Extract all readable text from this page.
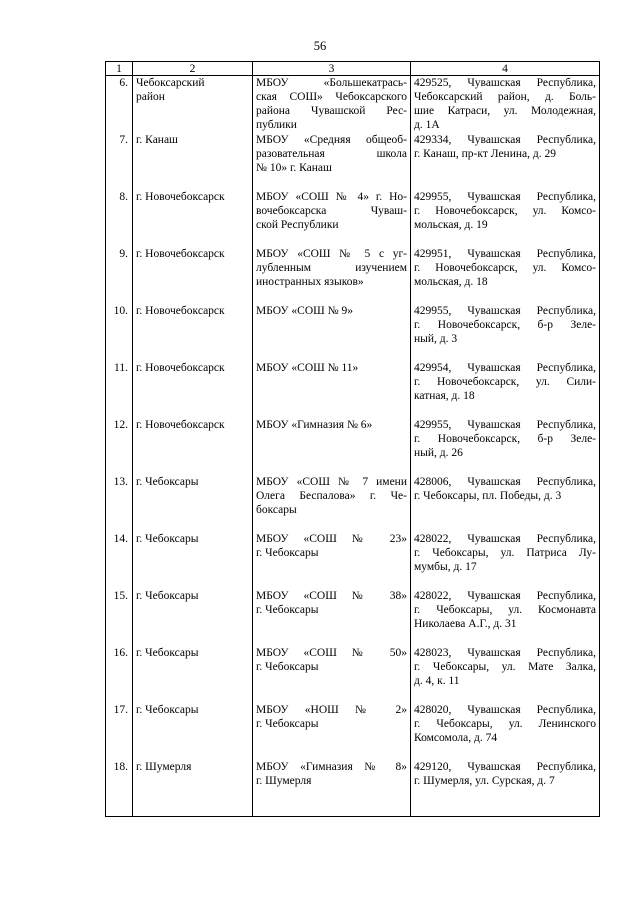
56
1	2	3	4
6.	Чебоксарский
район	МБОУ «Большекатрась-
ская СОШ» Чебоксарского
района Чувашской Рес-
публики	429525, Чувашская Республика,
Чебоксарский район, д. Боль-
шие Катраси, ул. Молодежная,
д. 1А

7.	г. Канаш	МБОУ «Средняя общеоб-
разовательная школа
№ 10» г. Канаш	429334, Чувашская Республика,
г. Канаш, пр-кт Ленина, д. 29

8.	г. Новочебоксарск	МБОУ «СОШ № 4» г. Но-
вочебоксарска Чуваш-
ской Республики	429955, Чувашская Республика,
г. Новочебоксарск, ул. Комсо-
мольская, д. 19

9.	г. Новочебоксарск	МБОУ «СОШ № 5 с уг-
лубленным изучением
иностранных языков»	429951, Чувашская Республика,
г. Новочебоксарск, ул. Комсо-
мольская, д. 18

10.	г. Новочебоксарск	МБОУ «СОШ № 9»	429955, Чувашская Республика,
г. Новочебоксарск, б-р Зеле-
ный, д. 3

11.	г. Новочебоксарск	МБОУ «СОШ № 11»	429954, Чувашская Республика,
г. Новочебоксарск, ул. Сили-
катная, д. 18

12.	г. Новочебоксарск	МБОУ «Гимназия № 6»	429955, Чувашская Республика,
г. Новочебоксарск, б-р Зеле-
ный, д. 26

13.	г. Чебоксары	МБОУ «СОШ № 7 имени
Олега Беспалова» г. Че-
боксары	428006, Чувашская Республика,
г. Чебоксары, пл. Победы, д. 3

14.	г. Чебоксары	МБОУ «СОШ № 23»
г. Чебоксары	428022, Чувашская Республика,
г. Чебоксары, ул. Патриса Лу-
мумбы, д. 17

15.	г. Чебоксары	МБОУ «СОШ № 38»
г. Чебоксары	428022, Чувашская Республика,
г. Чебоксары, ул. Космонавта
Николаева А.Г., д. 31

16.	г. Чебоксары	МБОУ «СОШ № 50»
г. Чебоксары	428023, Чувашская Республика,
г. Чебоксары, ул. Мате Залка,
д. 4, к. 11

17.	г. Чебоксары	МБОУ «НОШ № 2»
г. Чебоксары	428020, Чувашская Республика,
г. Чебоксары, ул. Ленинского
Комсомола, д. 74

18.	г. Шумерля	МБОУ «Гимназия № 8»
г. Шумерля	429120, Чувашская Республика,
г. Шумерля, ул. Сурская, д. 7
